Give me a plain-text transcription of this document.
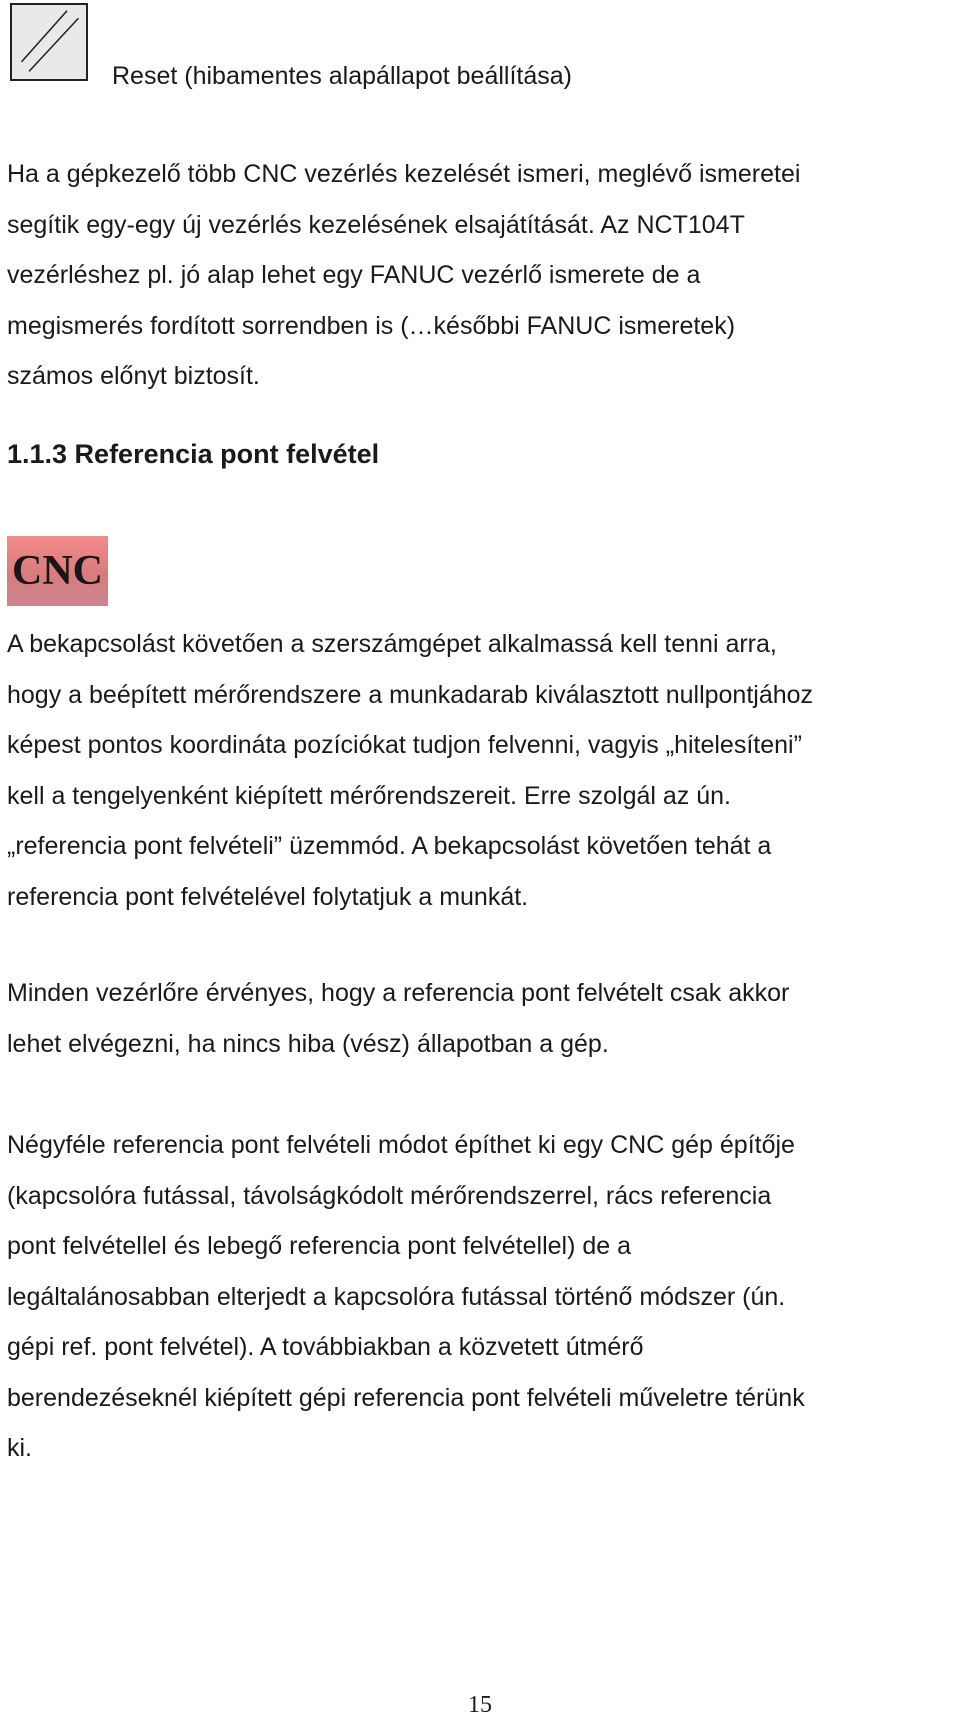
Reset (hibamentes alapállapot beállítása)

Ha a gépkezelő több CNC vezérlés kezelését ismeri, meglévő ismeretei
segítik egy-egy új vezérlés kezelésének elsajátítását. Az NCT104T
vezérléshez pl. jó alap lehet egy FANUC vezérlő ismerete de a
megismerés fordított sorrendben is (…későbbi FANUC ismeretek)
számos előnyt biztosít.

1.1.3 Referencia pont felvétel
CNC

A bekapcsolást követően a szerszámgépet alkalmassá kell tenni arra,
hogy a beépített mérőrendszere a munkadarab kiválasztott nullpontjához
képest pontos koordináta pozíciókat tudjon felvenni, vagyis „hitelesíteni”
kell a tengelyenként kiépített mérőrendszereit. Erre szolgál az ún.
„referencia pont felvételi” üzemmód. A bekapcsolást követően tehát a
referencia pont felvételével folytatjuk a munkát.

Minden vezérlőre érvényes, hogy a referencia pont felvételt csak akkor
lehet elvégezni, ha nincs hiba (vész) állapotban a gép.

Négyféle referencia pont felvételi módot építhet ki egy CNC gép építője
(kapcsolóra futással, távolságkódolt mérőrendszerrel, rács referencia
pont felvétellel és lebegő referencia pont felvétellel) de a
legáltalánosabban elterjedt a kapcsolóra futással történő módszer (ún.
gépi ref. pont felvétel). A továbbiakban a közvetett útmérő
berendezéseknél kiépített gépi referencia pont felvételi műveletre térünk
ki.

15
